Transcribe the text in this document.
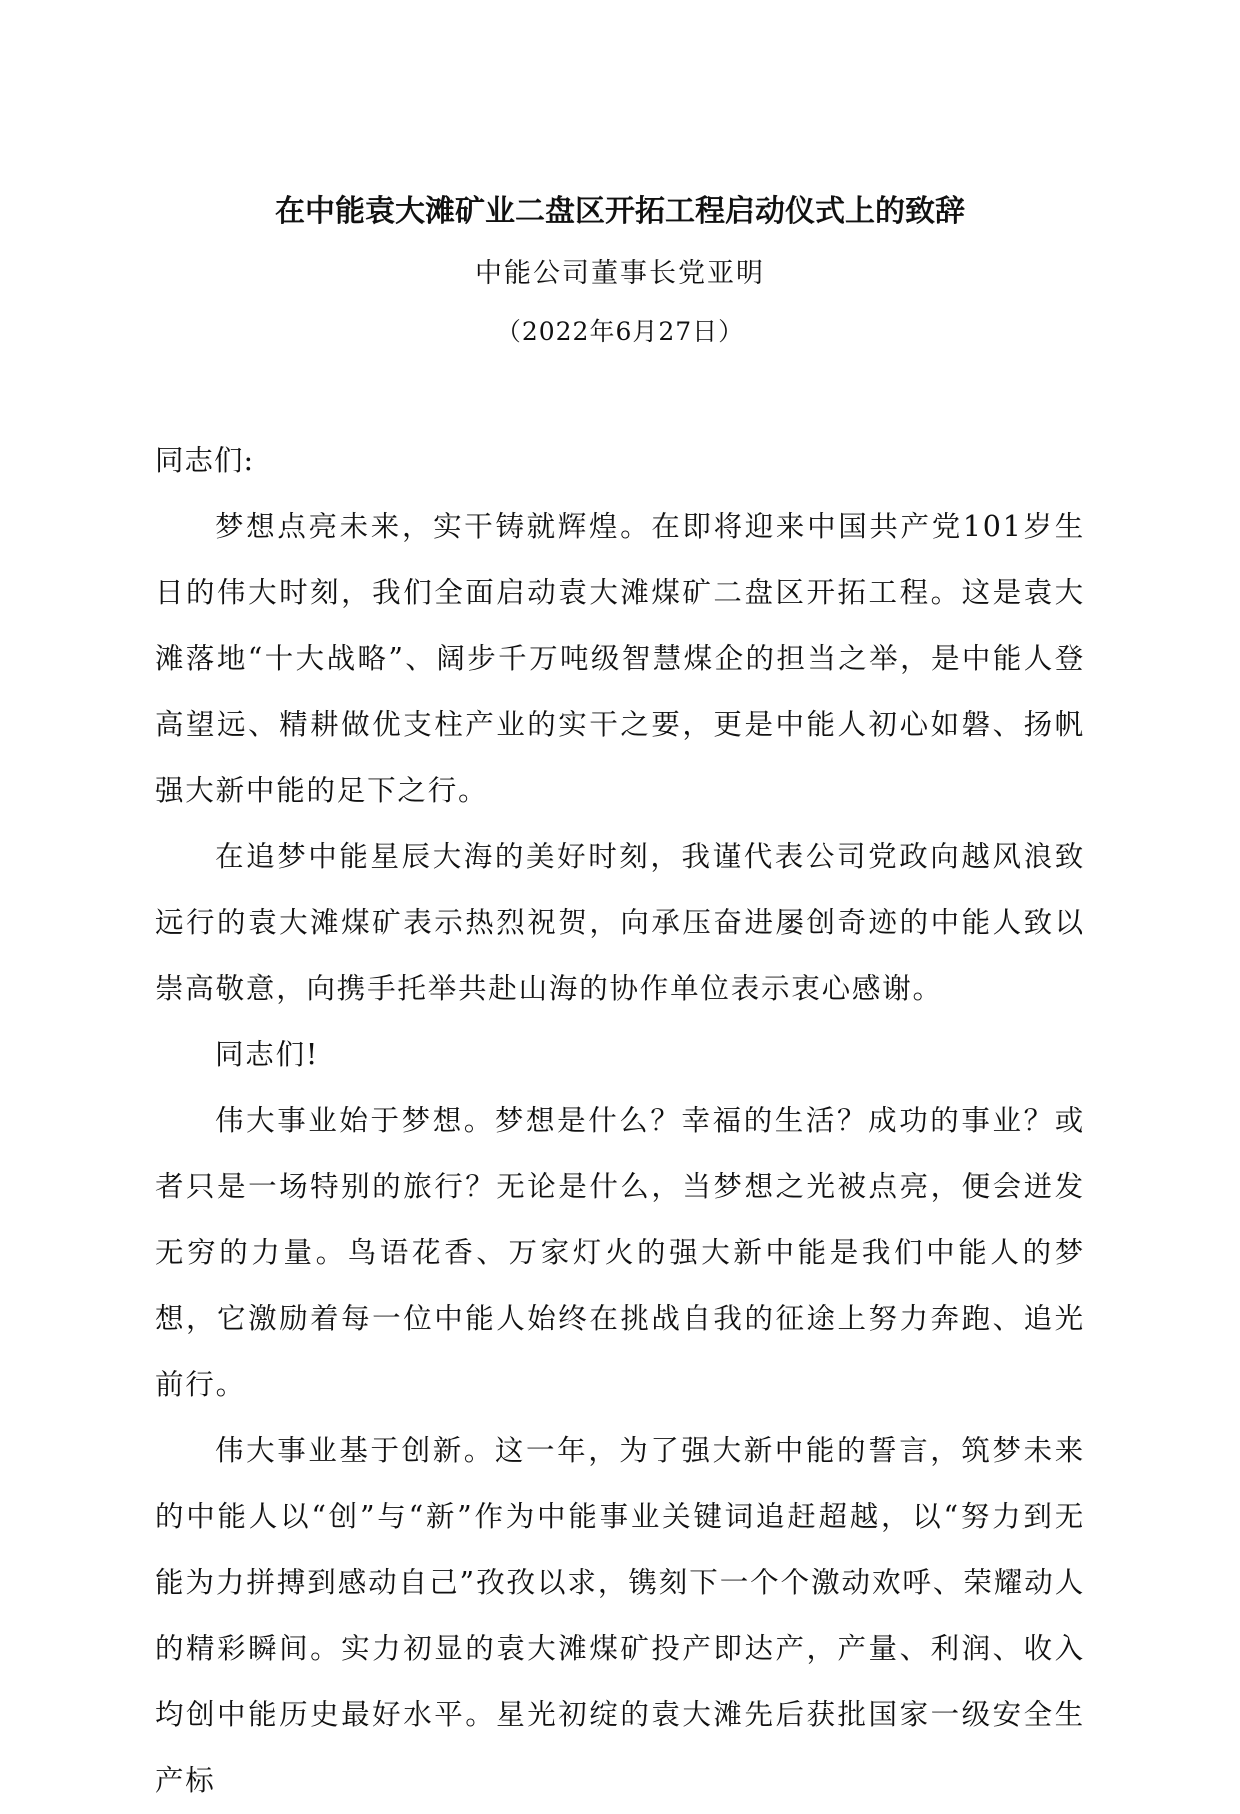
在中能袁大滩矿业二盘区开拓工程启动仪式上的致辞
中能公司董事长党亚明
（2022年6月27日）

同志们:

梦想点亮未来，实干铸就辉煌。在即将迎来中国共产党101岁生日的伟大时刻，我们全面启动袁大滩煤矿二盘区开拓工程。这是袁大滩落地“十大战略”、阔步千万吨级智慧煤企的担当之举，是中能人登高望远、精耕做优支柱产业的实干之要，更是中能人初心如磐、扬帆强大新中能的足下之行。

在追梦中能星辰大海的美好时刻，我谨代表公司党政向越风浪致远行的袁大滩煤矿表示热烈祝贺，向承压奋进屡创奇迹的中能人致以崇高敬意，向携手托举共赴山海的协作单位表示衷心感谢。

同志们!

伟大事业始于梦想。梦想是什么？幸福的生活？成功的事业？或者只是一场特别的旅行？无论是什么，当梦想之光被点亮，便会迸发无穷的力量。鸟语花香、万家灯火的强大新中能是我们中能人的梦想，它激励着每一位中能人始终在挑战自我的征途上努力奔跑、追光前行。

伟大事业基于创新。这一年，为了强大新中能的誓言，筑梦未来的中能人以“创”与“新”作为中能事业关键词追赶超越，以“努力到无能为力拼搏到感动自己”孜孜以求，镌刻下一个个激动欢呼、荣耀动人的精彩瞬间。实力初显的袁大滩煤矿投产即达产，产量、利润、收入均创中能历史最好水平。星光初绽的袁大滩先后获批国家一级安全生产标
